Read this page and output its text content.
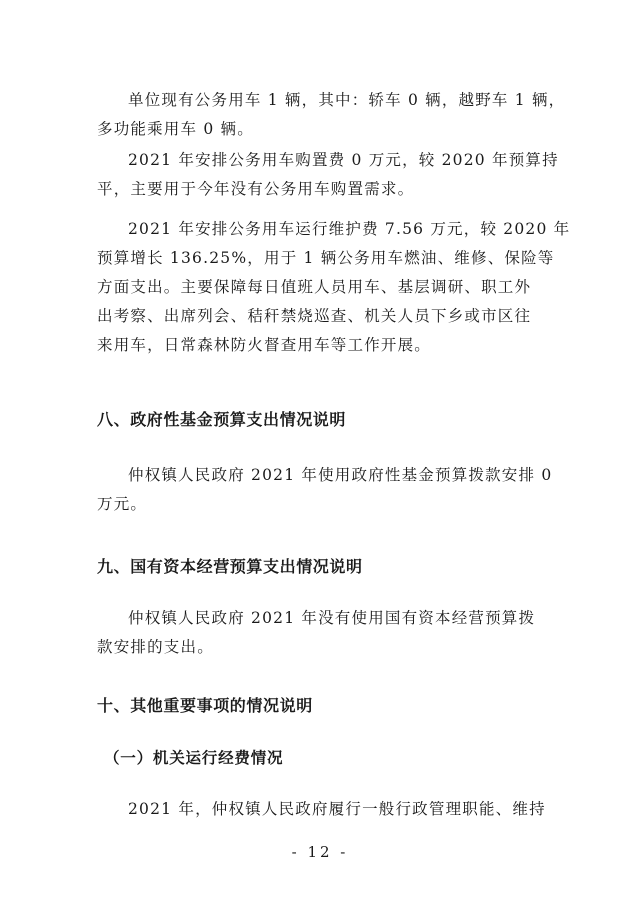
单位现有公务用车 1 辆，其中：轿车 0 辆，越野车 1 辆，
多功能乘用车 0 辆。

2021 年安排公务用车购置费 0 万元，较 2020 年预算持
平，主要用于今年没有公务用车购置需求。

2021 年安排公务用车运行维护费 7.56 万元，较 2020 年
预算增长 136.25%，用于 1 辆公务用车燃油、维修、保险等
方面支出。主要保障每日值班人员用车、基层调研、职工外
出考察、出席列会、秸秆禁烧巡查、机关人员下乡或市区往
来用车，日常森林防火督查用车等工作开展。

八、政府性基金预算支出情况说明

仲权镇人民政府 2021 年使用政府性基金预算拨款安排 0
万元。

九、国有资本经营预算支出情况说明

仲权镇人民政府 2021 年没有使用国有资本经营预算拨
款安排的支出。

十、其他重要事项的情况说明
（一）机关运行经费情况

2021 年，仲权镇人民政府履行一般行政管理职能、维持

- 12 -
